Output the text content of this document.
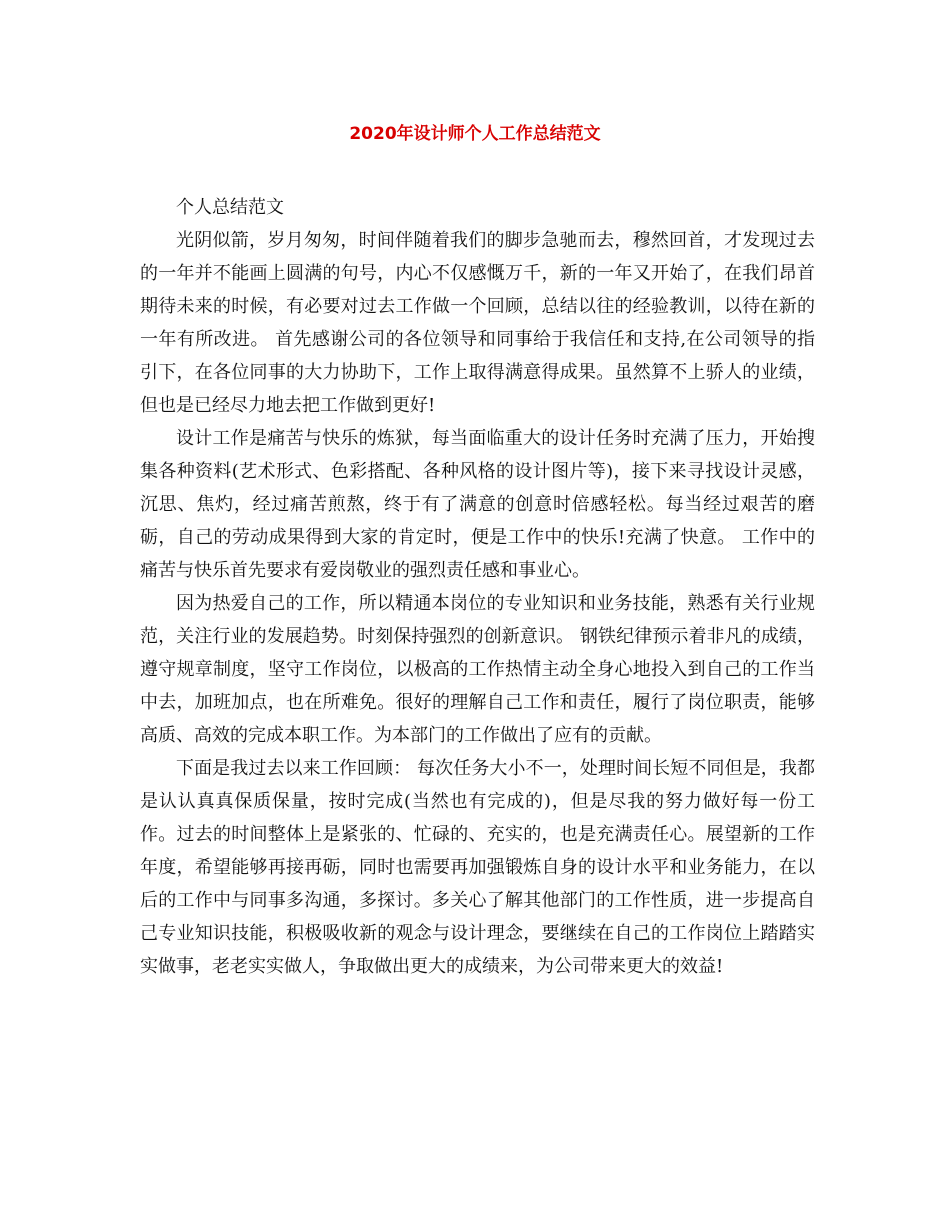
2020年设计师个人工作总结范文

个人总结范文

光阴似箭，岁月匆匆，时间伴随着我们的脚步急驰而去，穆然回首，才发现过去的一年并不能画上圆满的句号，内心不仅感慨万千，新的一年又开始了，在我们昂首期待未来的时候，有必要对过去工作做一个回顾，总结以往的经验教训，以待在新的一年有所改进。 首先感谢公司的各位领导和同事给于我信任和支持,在公司领导的指引下，在各位同事的大力协助下，工作上取得满意得成果。虽然算不上骄人的业绩，但也是已经尽力地去把工作做到更好!

设计工作是痛苦与快乐的炼狱，每当面临重大的设计任务时充满了压力，开始搜集各种资料(艺术形式、色彩搭配、各种风格的设计图片等)，接下来寻找设计灵感，沉思、焦灼，经过痛苦煎熬，终于有了满意的创意时倍感轻松。每当经过艰苦的磨砺，自己的劳动成果得到大家的肯定时，便是工作中的快乐!充满了快意。 工作中的痛苦与快乐首先要求有爱岗敬业的强烈责任感和事业心。

因为热爱自己的工作，所以精通本岗位的专业知识和业务技能，熟悉有关行业规范，关注行业的发展趋势。时刻保持强烈的创新意识。 钢铁纪律预示着非凡的成绩，遵守规章制度，坚守工作岗位，以极高的工作热情主动全身心地投入到自己的工作当中去，加班加点，也在所难免。很好的理解自己工作和责任，履行了岗位职责，能够高质、高效的完成本职工作。为本部门的工作做出了应有的贡献。

下面是我过去以来工作回顾： 每次任务大小不一，处理时间长短不同但是，我都是认认真真保质保量，按时完成(当然也有完成的)，但是尽我的努力做好每一份工作。过去的时间整体上是紧张的、忙碌的、充实的，也是充满责任心。展望新的工作年度，希望能够再接再砺，同时也需要再加强锻炼自身的设计水平和业务能力，在以后的工作中与同事多沟通，多探讨。多关心了解其他部门的工作性质，进一步提高自己专业知识技能，积极吸收新的观念与设计理念，要继续在自己的工作岗位上踏踏实实做事，老老实实做人，争取做出更大的成绩来，为公司带来更大的效益!
